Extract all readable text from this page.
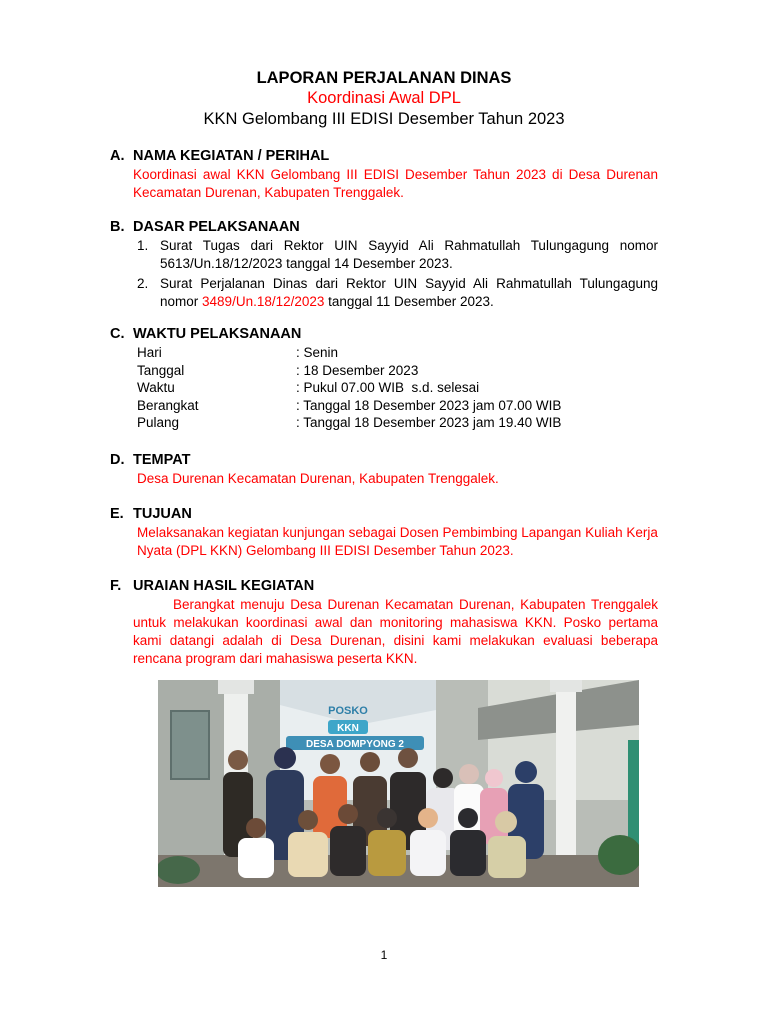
LAPORAN PERJALANAN DINAS
Koordinasi Awal DPL
KKN Gelombang III EDISI Desember Tahun 2023
A. NAMA KEGIATAN / PERIHAL
Koordinasi awal KKN Gelombang III EDISI Desember Tahun 2023 di Desa Durenan Kecamatan Durenan, Kabupaten Trenggalek.
B. DASAR PELAKSANAAN
1. Surat Tugas dari Rektor UIN Sayyid Ali Rahmatullah Tulungagung nomor 5613/Un.18/12/2023 tanggal 14 Desember 2023.
2. Surat Perjalanan Dinas dari Rektor UIN Sayyid Ali Rahmatullah Tulungagung nomor 3489/Un.18/12/2023 tanggal 11 Desember 2023.
C. WAKTU PELAKSANAAN
Hari	: Senin
Tanggal	: 18 Desember 2023
Waktu	: Pukul 07.00 WIB  s.d. selesai
Berangkat	: Tanggal 18 Desember 2023 jam 07.00 WIB
Pulang	: Tanggal 18 Desember 2023 jam 19.40 WIB
D. TEMPAT
Desa Durenan Kecamatan Durenan, Kabupaten Trenggalek.
E. TUJUAN
Melaksanakan kegiatan kunjungan sebagai Dosen Pembimbing Lapangan Kuliah Kerja Nyata (DPL KKN) Gelombang III EDISI Desember Tahun 2023.
F. URAIAN HASIL KEGIATAN
Berangkat menuju Desa Durenan Kecamatan Durenan, Kabupaten Trenggalek untuk melakukan koordinasi awal dan monitoring mahasiswa KKN. Posko pertama kami datangi adalah di Desa Durenan, disini kami melakukan evaluasi beberapa rencana program dari mahasiswa peserta KKN.
POSKO
KKN
DESA DOMPYONG 2
1
